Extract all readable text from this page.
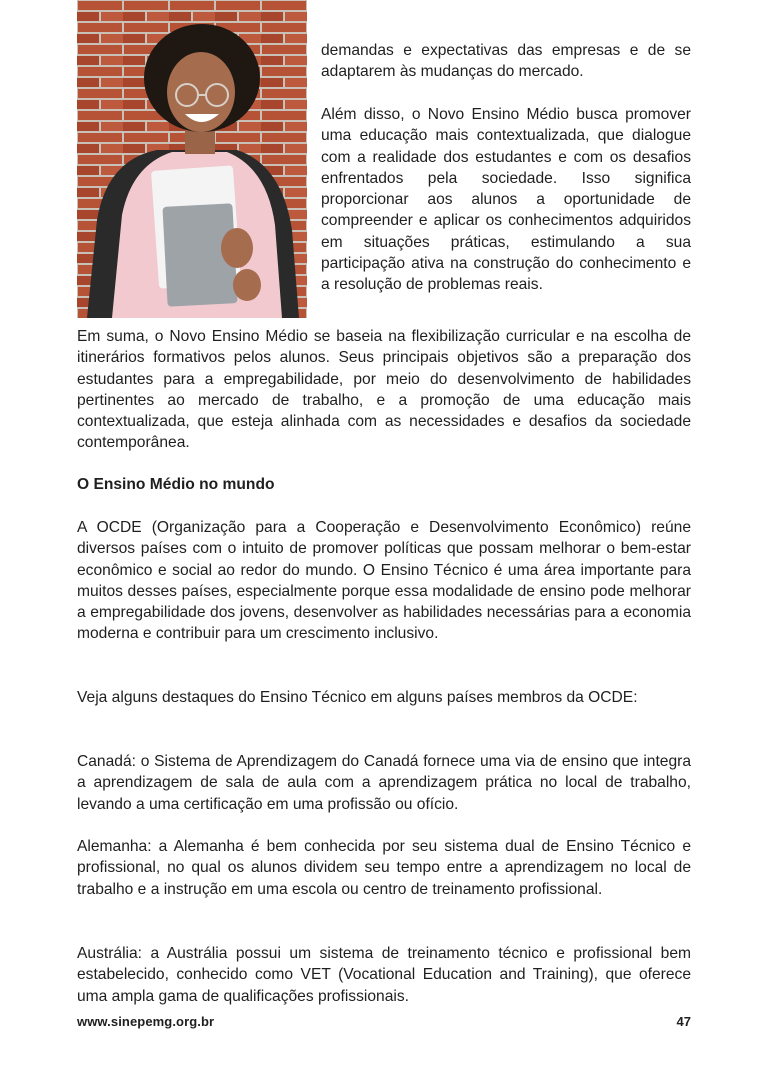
demandas e expectativas das empresas e de se adaptarem às mudanças do mercado.

Além disso, o Novo Ensino Médio busca promover uma educação mais contextualizada, que dialogue com a realidade dos estudantes e com os desafios enfrentados pela sociedade. Isso significa proporcionar aos alunos a oportunidade de compreender e aplicar os conhecimentos adquiridos em situações práticas, estimulando a sua participação ativa na construção do conhecimento e a resolução de problemas reais.

Em suma, o Novo Ensino Médio se baseia na flexibilização curricular e na escolha de itinerários formativos pelos alunos. Seus principais objetivos são a preparação dos estudantes para a empregabilidade, por meio do desenvolvimento de habilidades pertinentes ao mercado de trabalho, e a promoção de uma educação mais contextualizada, que esteja alinhada com as necessidades e desafios da sociedade contemporânea.

O Ensino Médio no mundo

A OCDE (Organização para a Cooperação e Desenvolvimento Econômico) reúne diversos países com o intuito de promover políticas que possam melhorar o bem-estar econômico e social ao redor do mundo. O Ensino Técnico é uma área importante para muitos desses países, especialmente porque essa modalidade de ensino pode melhorar a empregabilidade dos jovens, desenvolver as habilidades necessárias para a economia moderna e contribuir para um crescimento inclusivo.

Veja alguns destaques do Ensino Técnico em alguns países membros da OCDE:

Canadá: o Sistema de Aprendizagem do Canadá fornece uma via de ensino que integra a aprendizagem de sala de aula com a aprendizagem prática no local de trabalho, levando a uma certificação em uma profissão ou ofício.

Alemanha: a Alemanha é bem conhecida por seu sistema dual de Ensino Técnico e profissional, no qual os alunos dividem seu tempo entre a aprendizagem no local de trabalho e a instrução em uma escola ou centro de treinamento profissional.

Austrália: a Austrália possui um sistema de treinamento técnico e profissional bem estabelecido, conhecido como VET (Vocational Education and Training), que oferece uma ampla gama de qualificações profissionais.

www.sinepemg.org.br	47
